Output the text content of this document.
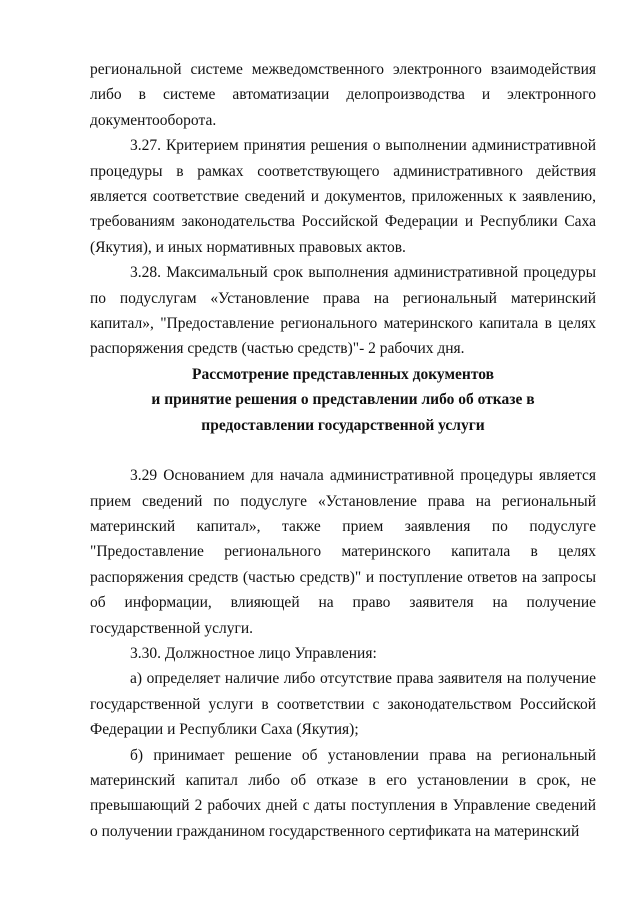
региональной системе межведомственного электронного взаимодействия либо в системе автоматизации делопроизводства и электронного документооборота.

3.27. Критерием принятия решения о выполнении административной процедуры в рамках соответствующего административного действия является соответствие сведений и документов, приложенных к заявлению, требованиям законодательства Российской Федерации и Республики Саха (Якутия), и иных нормативных правовых актов.

3.28. Максимальный срок выполнения административной процедуры по подуслугам «Установление права на региональный материнский капитал», "Предоставление регионального материнского капитала в целях распоряжения средств (частью средств)"- 2 рабочих дня.

Рассмотрение представленных документов
и принятие решения о представлении либо об отказе в
предоставлении государственной услуги

3.29 Основанием для начала административной процедуры является прием сведений по подуслуге «Установление права на региональный материнский капитал», также прием заявления по подуслуге "Предоставление регионального материнского капитала в целях распоряжения средств (частью средств)" и поступление ответов на запросы об информации, влияющей на право заявителя на получение государственной услуги.

3.30. Должностное лицо Управления:

а) определяет наличие либо отсутствие права заявителя на получение государственной услуги в соответствии с законодательством Российской Федерации и Республики Саха (Якутия);

б) принимает решение об установлении права на региональный материнский капитал либо об отказе в его установлении в срок, не превышающий 2 рабочих дней с даты поступления в Управление сведений о получении гражданином государственного сертификата на материнский
